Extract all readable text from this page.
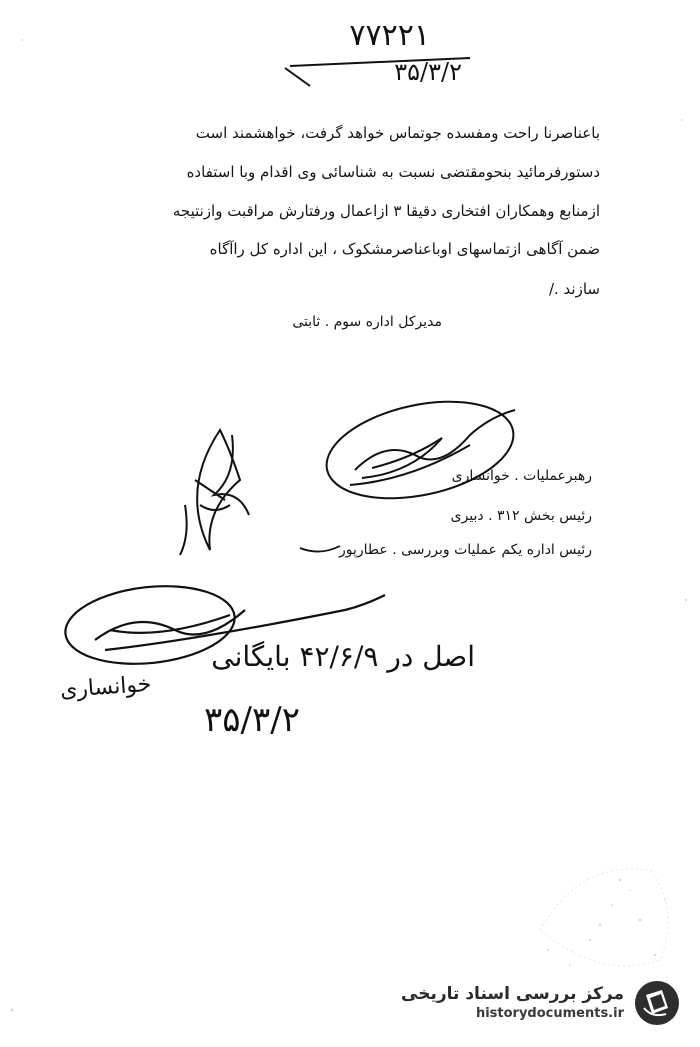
۷۷۲۲۱
۳۵/۳/۲
باعناصرنا راحت ومفسده جوتماس خواهد گرفت، خواهشمند است
دستورفرمائید بنحومقتضی نسبت به شناسائی وی اقدام وبا استفاده
ازمنابع وهمکاران افتخاری دقیقا ۳ ازاعمال ورفتارش مراقبت وازنتیجه
ضمن آگاهی ازتماسهای اوباعناصرمشکوک ، این اداره کل راآگاه
سازند ./
مدیرکل اداره سوم . ثابتی
رهبرعملیات . خوانساری
رئیس بخش ۳۱۲ . دبیری
رئیس اداره یکم عملیات وبررسی . عطارپور
اصل در ۴۲/۶/۹ بایگانی
خوانساری
۳۵/۳/۲
مرکز بررسی اسناد تاریخی
historydocuments.ir
